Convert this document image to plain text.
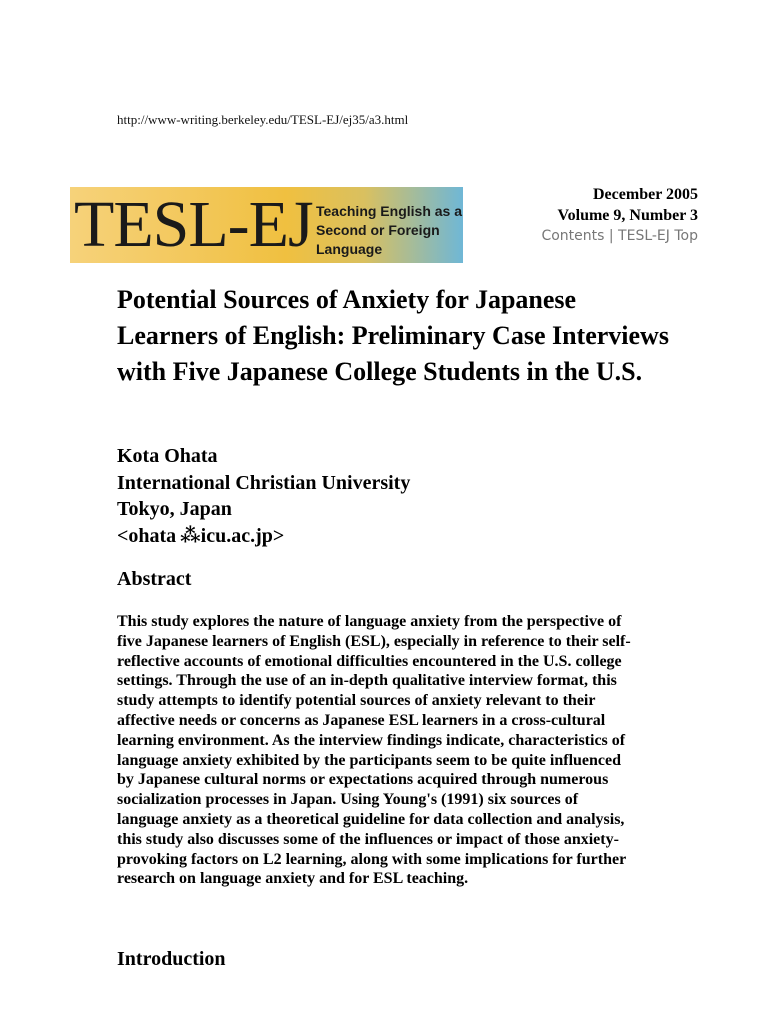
http://www-writing.berkeley.edu/TESL-EJ/ej35/a3.html
TESL-EJ Teaching English as a Second or Foreign Language
December 2005
Volume 9, Number 3
Contents | TESL-EJ Top
Potential Sources of Anxiety for Japanese Learners of English: Preliminary Case Interviews with Five Japanese College Students in the U.S.
Kota Ohata
International Christian University
Tokyo, Japan
<ohata ⁂icu.ac.jp>
Abstract

This study explores the nature of language anxiety from the perspective of five Japanese learners of English (ESL), especially in reference to their self-reflective accounts of emotional difficulties encountered in the U.S. college settings. Through the use of an in-depth qualitative interview format, this study attempts to identify potential sources of anxiety relevant to their affective needs or concerns as Japanese ESL learners in a cross-cultural learning environment. As the interview findings indicate, characteristics of language anxiety exhibited by the participants seem to be quite influenced by Japanese cultural norms or expectations acquired through numerous socialization processes in Japan. Using Young's (1991) six sources of language anxiety as a theoretical guideline for data collection and analysis, this study also discusses some of the influences or impact of those anxiety-provoking factors on L2 learning, along with some implications for further research on language anxiety and for ESL teaching.

Introduction
